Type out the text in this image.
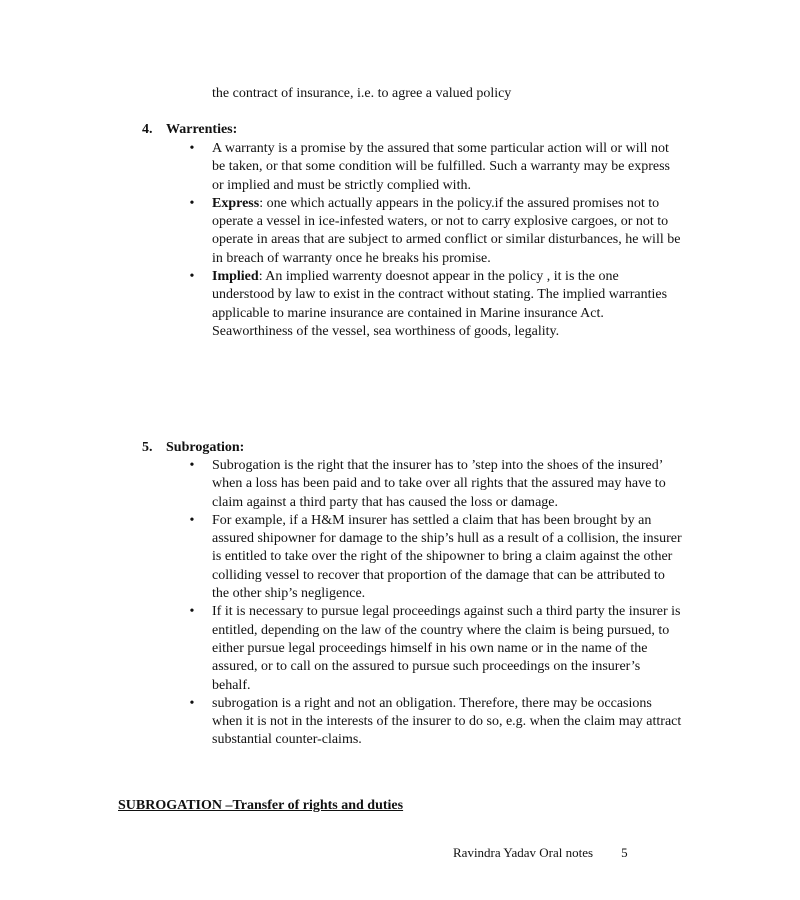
the contract of insurance, i.e. to agree a valued policy
4. Warrenties:
• A warranty is a promise by the assured that some particular action will or will not be taken, or that some condition will be fulfilled. Such a warranty may be express or implied and must be strictly complied with.
• Express: one which actually appears in the policy.if the assured promises not to operate a vessel in ice-infested waters, or not to carry explosive cargoes, or not to operate in areas that are subject to armed conflict or similar disturbances, he will be in breach of warranty once he breaks his promise.
• Implied: An implied warrenty doesnot appear in the policy , it is the one understood by law to exist in the contract without stating. The implied warranties applicable to marine insurance are contained in Marine insurance Act. Seaworthiness of the vessel, sea worthiness of goods, legality.
5. Subrogation:
• Subrogation is the right that the insurer has to ’step into the shoes of the insured’ when a loss has been paid and to take over all rights that the assured may have to claim against a third party that has caused the loss or damage.
• For example, if a H&M insurer has settled a claim that has been brought by an assured shipowner for damage to the ship’s hull as a result of a collision, the insurer is entitled to take over the right of the shipowner to bring a claim against the other colliding vessel to recover that proportion of the damage that can be attributed to the other ship’s negligence.
• If it is necessary to pursue legal proceedings against such a third party the insurer is entitled, depending on the law of the country where the claim is being pursued, to either pursue legal proceedings himself in his own name or in the name of the assured, or to call on the assured to pursue such proceedings on the insurer’s behalf.
• subrogation is a right and not an obligation. Therefore, there may be occasions when it is not in the interests of the insurer to do so, e.g. when the claim may attract substantial counter-claims.
SUBROGATION –Transfer of rights and duties
Ravindra Yadav Oral notes 5
